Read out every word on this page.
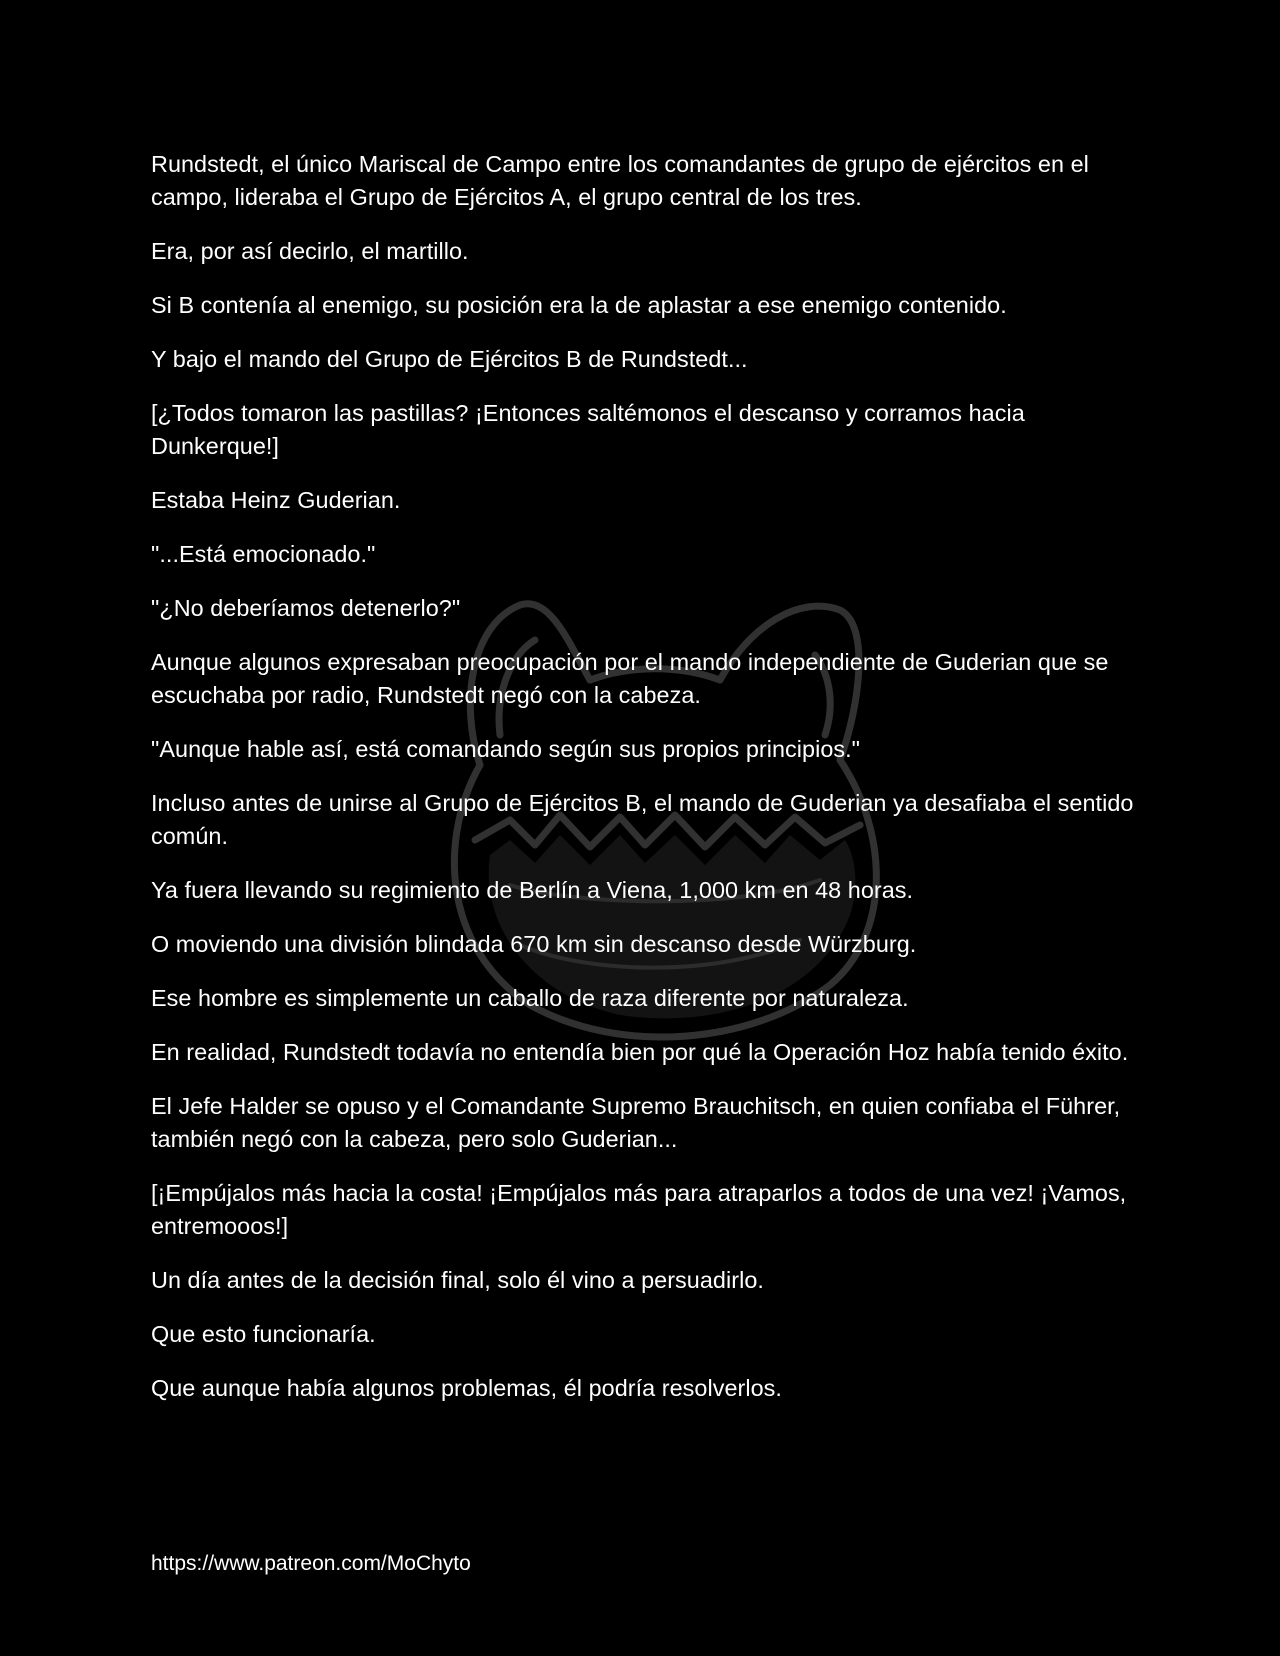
Rundstedt, el único Mariscal de Campo entre los comandantes de grupo de ejércitos en el campo, lideraba el Grupo de Ejércitos A, el grupo central de los tres.

Era, por así decirlo, el martillo.

Si B contenía al enemigo, su posición era la de aplastar a ese enemigo contenido.

Y bajo el mando del Grupo de Ejércitos B de Rundstedt...

[¿Todos tomaron las pastillas? ¡Entonces saltémonos el descanso y corramos hacia Dunkerque!]

Estaba Heinz Guderian.

"...Está emocionado."

"¿No deberíamos detenerlo?"

Aunque algunos expresaban preocupación por el mando independiente de Guderian que se escuchaba por radio, Rundstedt negó con la cabeza.

"Aunque hable así, está comandando según sus propios principios."

Incluso antes de unirse al Grupo de Ejércitos B, el mando de Guderian ya desafiaba el sentido común.

Ya fuera llevando su regimiento de Berlín a Viena, 1,000 km en 48 horas.

O moviendo una división blindada 670 km sin descanso desde Würzburg.

Ese hombre es simplemente un caballo de raza diferente por naturaleza.

En realidad, Rundstedt todavía no entendía bien por qué la Operación Hoz había tenido éxito.

El Jefe Halder se opuso y el Comandante Supremo Brauchitsch, en quien confiaba el Führer, también negó con la cabeza, pero solo Guderian...

[¡Empújalos más hacia la costa! ¡Empújalos más para atraparlos a todos de una vez! ¡Vamos, entremooos!]

Un día antes de la decisión final, solo él vino a persuadirlo.

Que esto funcionaría.

Que aunque había algunos problemas, él podría resolverlos.

https://www.patreon.com/MoChyto
